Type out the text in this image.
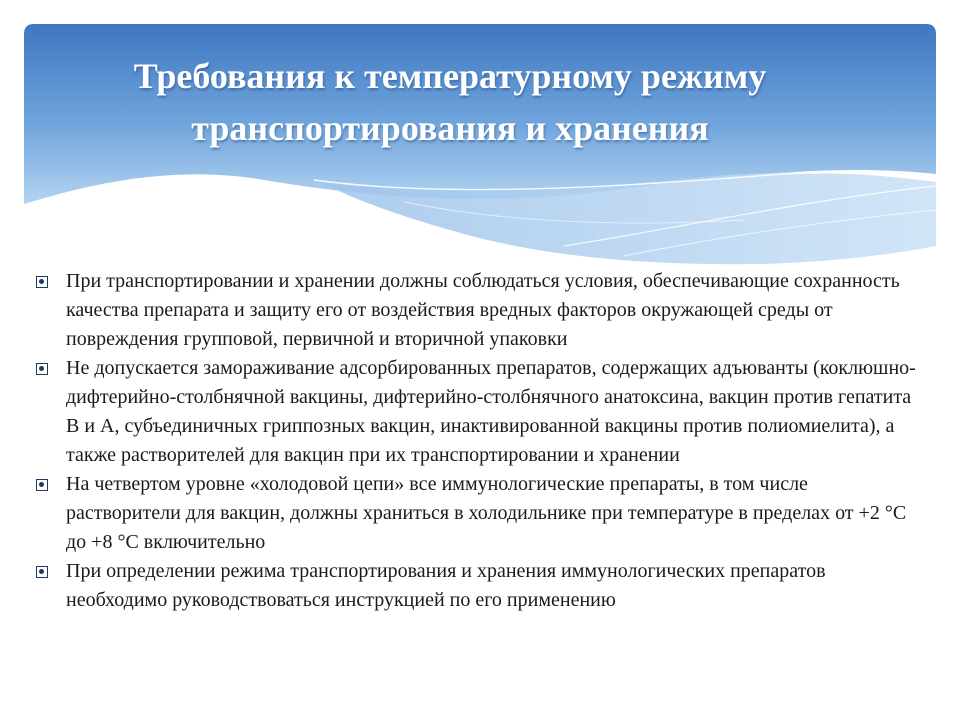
Требования к температурному режиму транспортирования и хранения
При транспортировании и хранении должны соблюдаться условия, обеспечивающие сохранность качества препарата и защиту его от воздействия вредных факторов окружающей среды от повреждения групповой, первичной и вторичной упаковки
Не допускается замораживание адсорбированных препаратов, содержащих адъюванты (коклюшно-дифтерийно-столбнячной вакцины, дифтерийно-столбнячного анатоксина, вакцин против гепатита В и А, субъединичных гриппозных вакцин, инактивированной вакцины против полиомиелита), а также растворителей для вакцин при их транспортировании и хранении
На четвертом уровне «холодовой цепи» все иммунологические препараты, в том числе растворители для вакцин, должны храниться в холодильнике при температуре в пределах от +2 °С до +8 °С включительно
При определении режима транспортирования и хранения иммунологических препаратов необходимо руководствоваться инструкцией по его применению
